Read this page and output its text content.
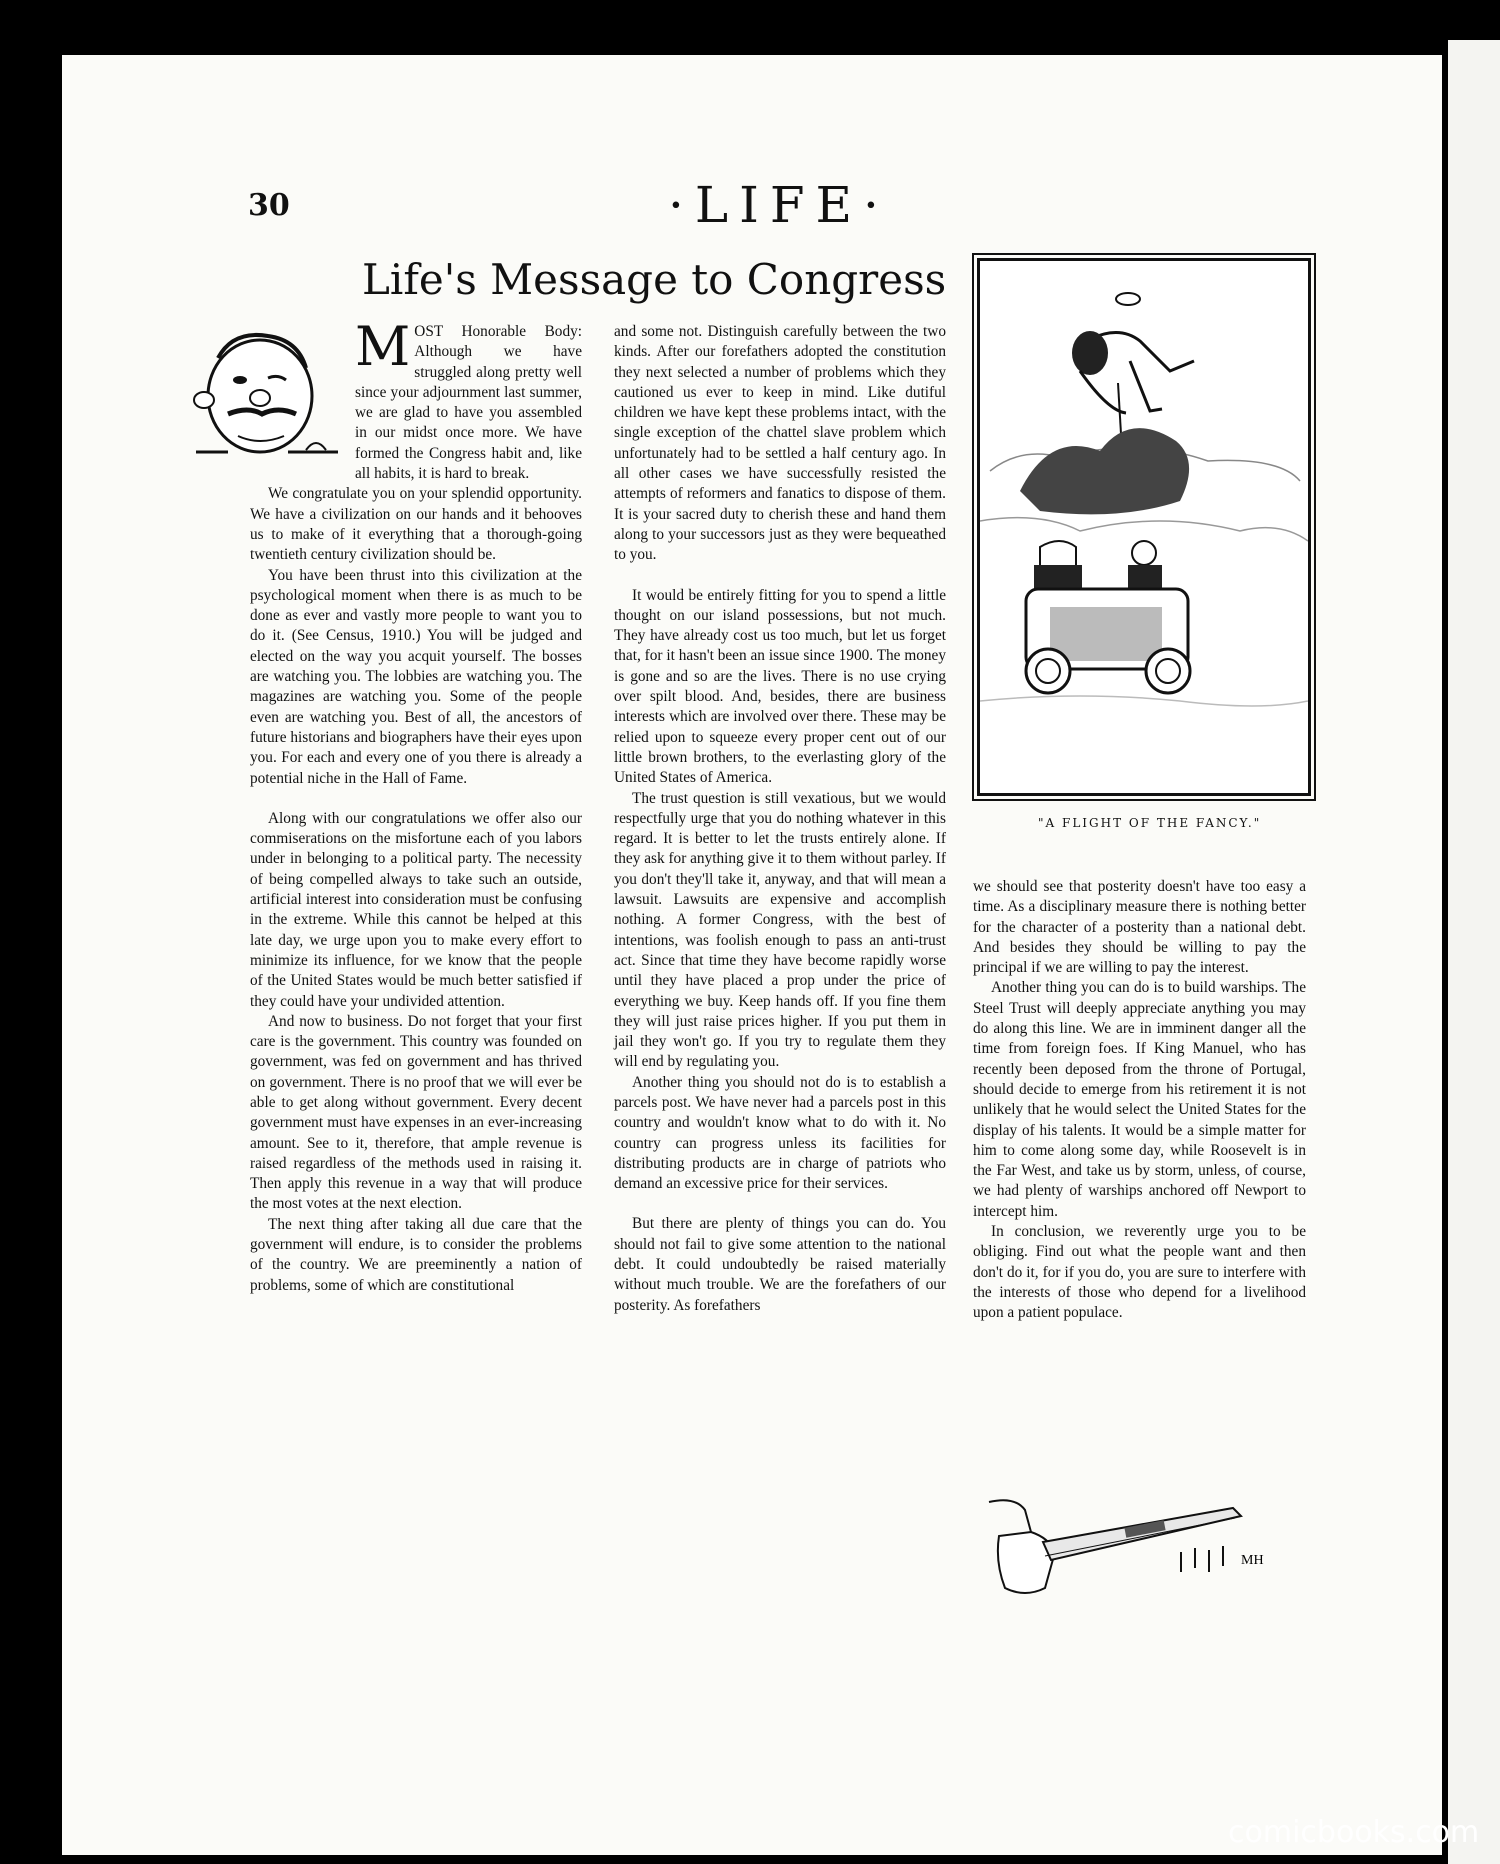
30	·LIFE·
Life's Message to Congress
MOST Honorable Body: Although we have struggled along pretty well since your adjournment last summer, we are glad to have you assembled in our midst once more. We have formed the Congress habit and, like all habits, it is hard to break.

We congratulate you on your splendid opportunity. We have a civilization on our hands and it behooves us to make of it everything that a thorough-going twentieth century civilization should be.

You have been thrust into this civilization at the psychological moment when there is as much to be done as ever and vastly more people to want you to do it. (See Census, 1910.) You will be judged and elected on the way you acquit yourself. The bosses are watching you. The lobbies are watching you. The magazines are watching you. Some of the people even are watching you. Best of all, the ancestors of future historians and biographers have their eyes upon you. For each and every one of you there is already a potential niche in the Hall of Fame.

Along with our congratulations we offer also our commiserations on the misfortune each of you labors under in belonging to a political party. The necessity of being compelled always to take such an outside, artificial interest into consideration must be confusing in the extreme. While this cannot be helped at this late day, we urge upon you to make every effort to minimize its influence, for we know that the people of the United States would be much better satisfied if they could have your undivided attention.

And now to business. Do not forget that your first care is the government. This country was founded on government, was fed on government and has thrived on government. There is no proof that we will ever be able to get along without government. Every decent government must have expenses in an ever-increasing amount. See to it, therefore, that ample revenue is raised regardless of the methods used in raising it. Then apply this revenue in a way that will produce the most votes at the next election.

The next thing after taking all due care that the government will endure, is to consider the problems of the country. We are preeminently a nation of problems, some of which are constitutional

and some not. Distinguish carefully between the two kinds. After our forefathers adopted the constitution they next selected a number of problems which they cautioned us ever to keep in mind. Like dutiful children we have kept these problems intact, with the single exception of the chattel slave problem which unfortunately had to be settled a half century ago. In all other cases we have successfully resisted the attempts of reformers and fanatics to dispose of them. It is your sacred duty to cherish these and hand them along to your successors just as they were bequeathed to you.

It would be entirely fitting for you to spend a little thought on our island possessions, but not much. They have already cost us too much, but let us forget that, for it hasn't been an issue since 1900. The money is gone and so are the lives. There is no use crying over spilt blood. And, besides, there are business interests which are involved over there. These may be relied upon to squeeze every proper cent out of our little brown brothers, to the everlasting glory of the United States of America.

The trust question is still vexatious, but we would respectfully urge that you do nothing whatever in this regard. It is better to let the trusts entirely alone. If they ask for anything give it to them without parley. If you don't they'll take it, anyway, and that will mean a lawsuit. Lawsuits are expensive and accomplish nothing. A former Congress, with the best of intentions, was foolish enough to pass an anti-trust act. Since that time they have become rapidly worse until they have placed a prop under the price of everything we buy. Keep hands off. If you fine them they will just raise prices higher. If you put them in jail they won't go. If you try to regulate them they will end by regulating you.

Another thing you should not do is to establish a parcels post. We have never had a parcels post in this country and wouldn't know what to do with it. No country can progress unless its facilities for distributing products are in charge of patriots who demand an excessive price for their services.

But there are plenty of things you can do. You should not fail to give some attention to the national debt. It could undoubtedly be raised materially without much trouble. We are the forefathers of our posterity. As forefathers

"A FLIGHT OF THE FANCY."

we should see that posterity doesn't have too easy a time. As a disciplinary measure there is nothing better for the character of a posterity than a national debt. And besides they should be willing to pay the principal if we are willing to pay the interest.

Another thing you can do is to build warships. The Steel Trust will deeply appreciate anything you may do along this line. We are in imminent danger all the time from foreign foes. If King Manuel, who has recently been deposed from the throne of Portugal, should decide to emerge from his retirement it is not unlikely that he would select the United States for the display of his talents. It would be a simple matter for him to come along some day, while Roosevelt is in the Far West, and take us by storm, unless, of course, we had plenty of warships anchored off Newport to intercept him.

In conclusion, we reverently urge you to be obliging. Find out what the people want and then don't do it, for if you do, you are sure to interfere with the interests of those who depend for a livelihood upon a patient populace.

MH
comicbooks.com
